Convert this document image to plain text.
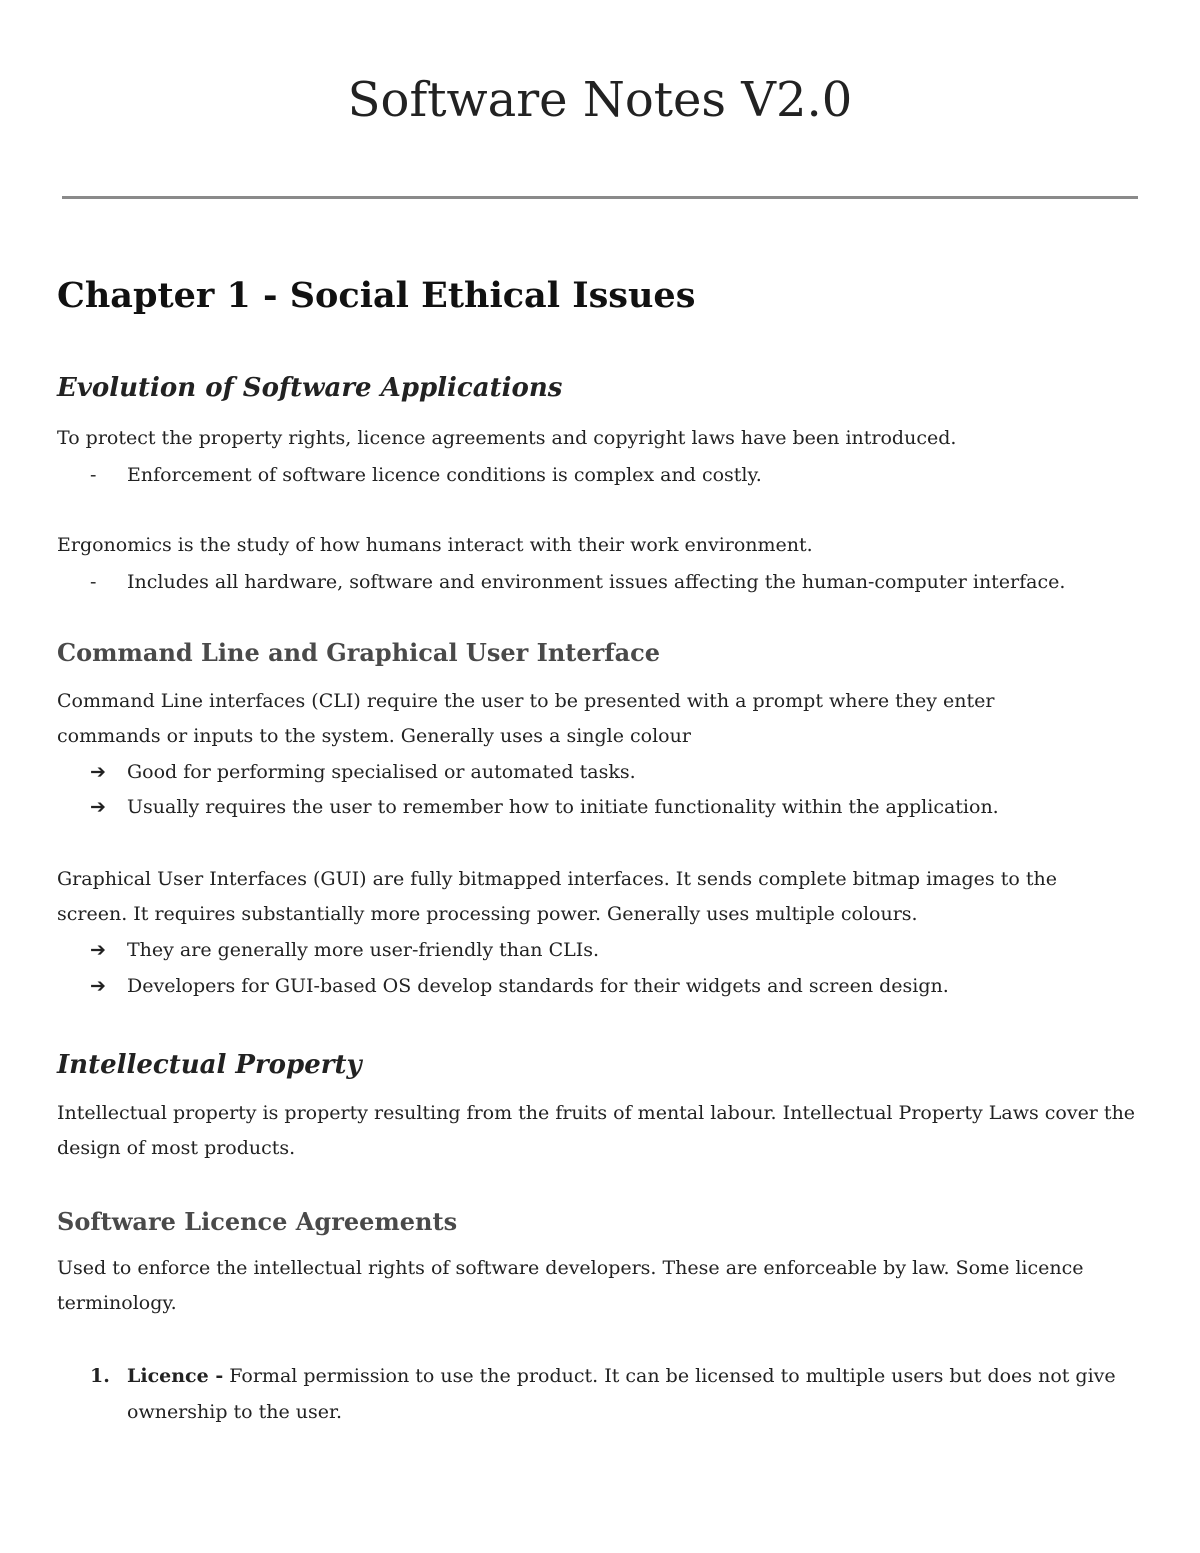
Software Notes V2.0
Chapter 1 - Social Ethical Issues
Evolution of Software Applications

To protect the property rights, licence agreements and copyright laws have been introduced.

- Enforcement of software licence conditions is complex and costly.

Ergonomics is the study of how humans interact with their work environment.

- Includes all hardware, software and environment issues affecting the human-computer interface.
Command Line and Graphical User Interface

Command Line interfaces (CLI) require the user to be presented with a prompt where they enter commands or inputs to the system. Generally uses a single colour

➔ Good for performing specialised or automated tasks.
➔ Usually requires the user to remember how to initiate functionality within the application.

Graphical User Interfaces (GUI) are fully bitmapped interfaces. It sends complete bitmap images to the screen. It requires substantially more processing power. Generally uses multiple colours.

➔ They are generally more user-friendly than CLIs.
➔ Developers for GUI-based OS develop standards for their widgets and screen design.
Intellectual Property

Intellectual property is property resulting from the fruits of mental labour. Intellectual Property Laws cover the design of most products.

Software Licence Agreements

Used to enforce the intellectual rights of software developers. These are enforceable by law. Some licence terminology.

1. Licence - Formal permission to use the product. It can be licensed to multiple users but does not give ownership to the user.
